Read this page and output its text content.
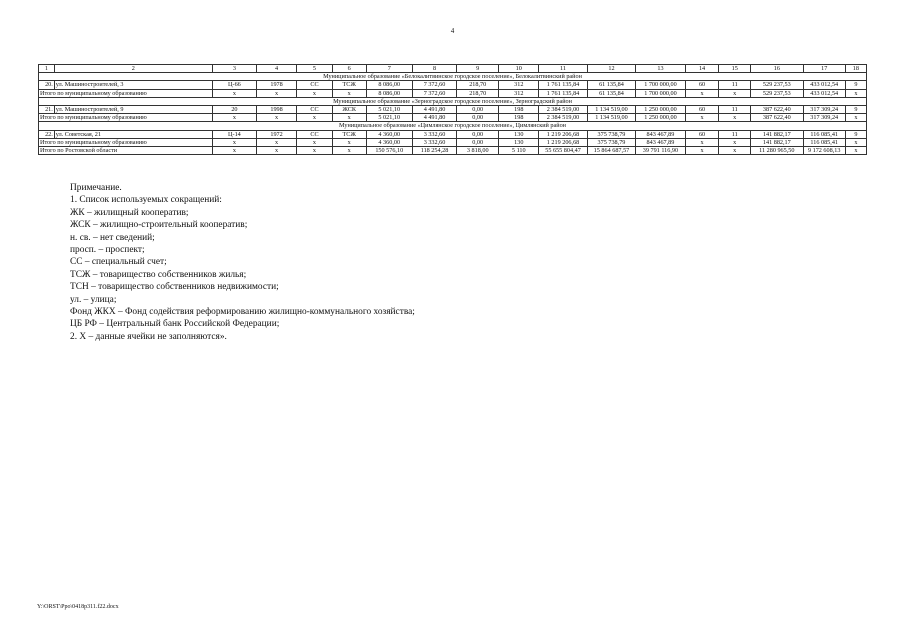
4
1	2	3	4	5	6	7	8	9	10	11	12	13	14	15	16	17	18
Муниципальное образование «Белокалитвинское городское поселение», Белокалитвинский район																	
20.	ул. Машиностроителей, 3	Ц-66	1978	СС	ТСЖ	8 086,00	7 372,60	218,70	312	1 761 135,84	61 135,84	1 700 000,00	60	11	529 237,53	433 012,54	9
Итого по муниципальному образованию		х	х	х	х	8 086,00	7 372,60	218,70	312	1 761 135,84	61 135,84	1 700 000,00	х	х	529 237,53	433 012,54	х
Муниципальное образование «Зерноградское городское поселение», Зерноградский район																	
21.	ул. Машиностроителей, 9	20	1998	СС	ЖСК	5 021,10	4 491,80	0,00	198	2 384 519,00	1 134 519,00	1 250 000,00	60	11	387 622,40	317 309,24	9
Итого по муниципальному образованию		х	х	х	х	5 021,10	4 491,80	0,00	198	2 384 519,00	1 134 519,00	1 250 000,00	х	х	387 622,40	317 309,24	х
Муниципальное образование «Цимлянское городское поселение», Цимлянский район																	
22.	ул. Советская, 21	Ц-14	1972	СС	ТСЖ	4 360,00	3 332,60	0,00	130	1 219 206,68	375 738,79	843 467,89	60	11	141 882,17	116 085,41	9
Итого по муниципальному образованию		х	х	х	х	4 360,00	3 332,60	0,00	130	1 219 206,68	375 738,79	843 467,89	х	х	141 882,17	116 085,41	х
Итого по Ростовской области		х	х	х	х	150 576,10	118 254,28	3 818,00	5 110	55 655 804,47	15 864 687,57	39 791 116,90	х	х	11 280 965,50	9 172 608,13	х
Примечание.
1. Список используемых сокращений:
ЖК – жилищный кооператив;
ЖСК – жилищно-строительный кооператив;
н. св. – нет сведений;
просп. – проспект;
СС – специальный счет;
ТСЖ – товарищество собственников жилья;
ТСН – товарищество собственников недвижимости;
ул. – улица;
Фонд ЖКХ – Фонд содействия реформированию жилищно-коммунального хозяйства;
ЦБ РФ – Центральный банк Российской Федерации;
2. Х – данные ячейки не заполняются».
Y:\ORST\Ppo\0418p311.f22.docx
